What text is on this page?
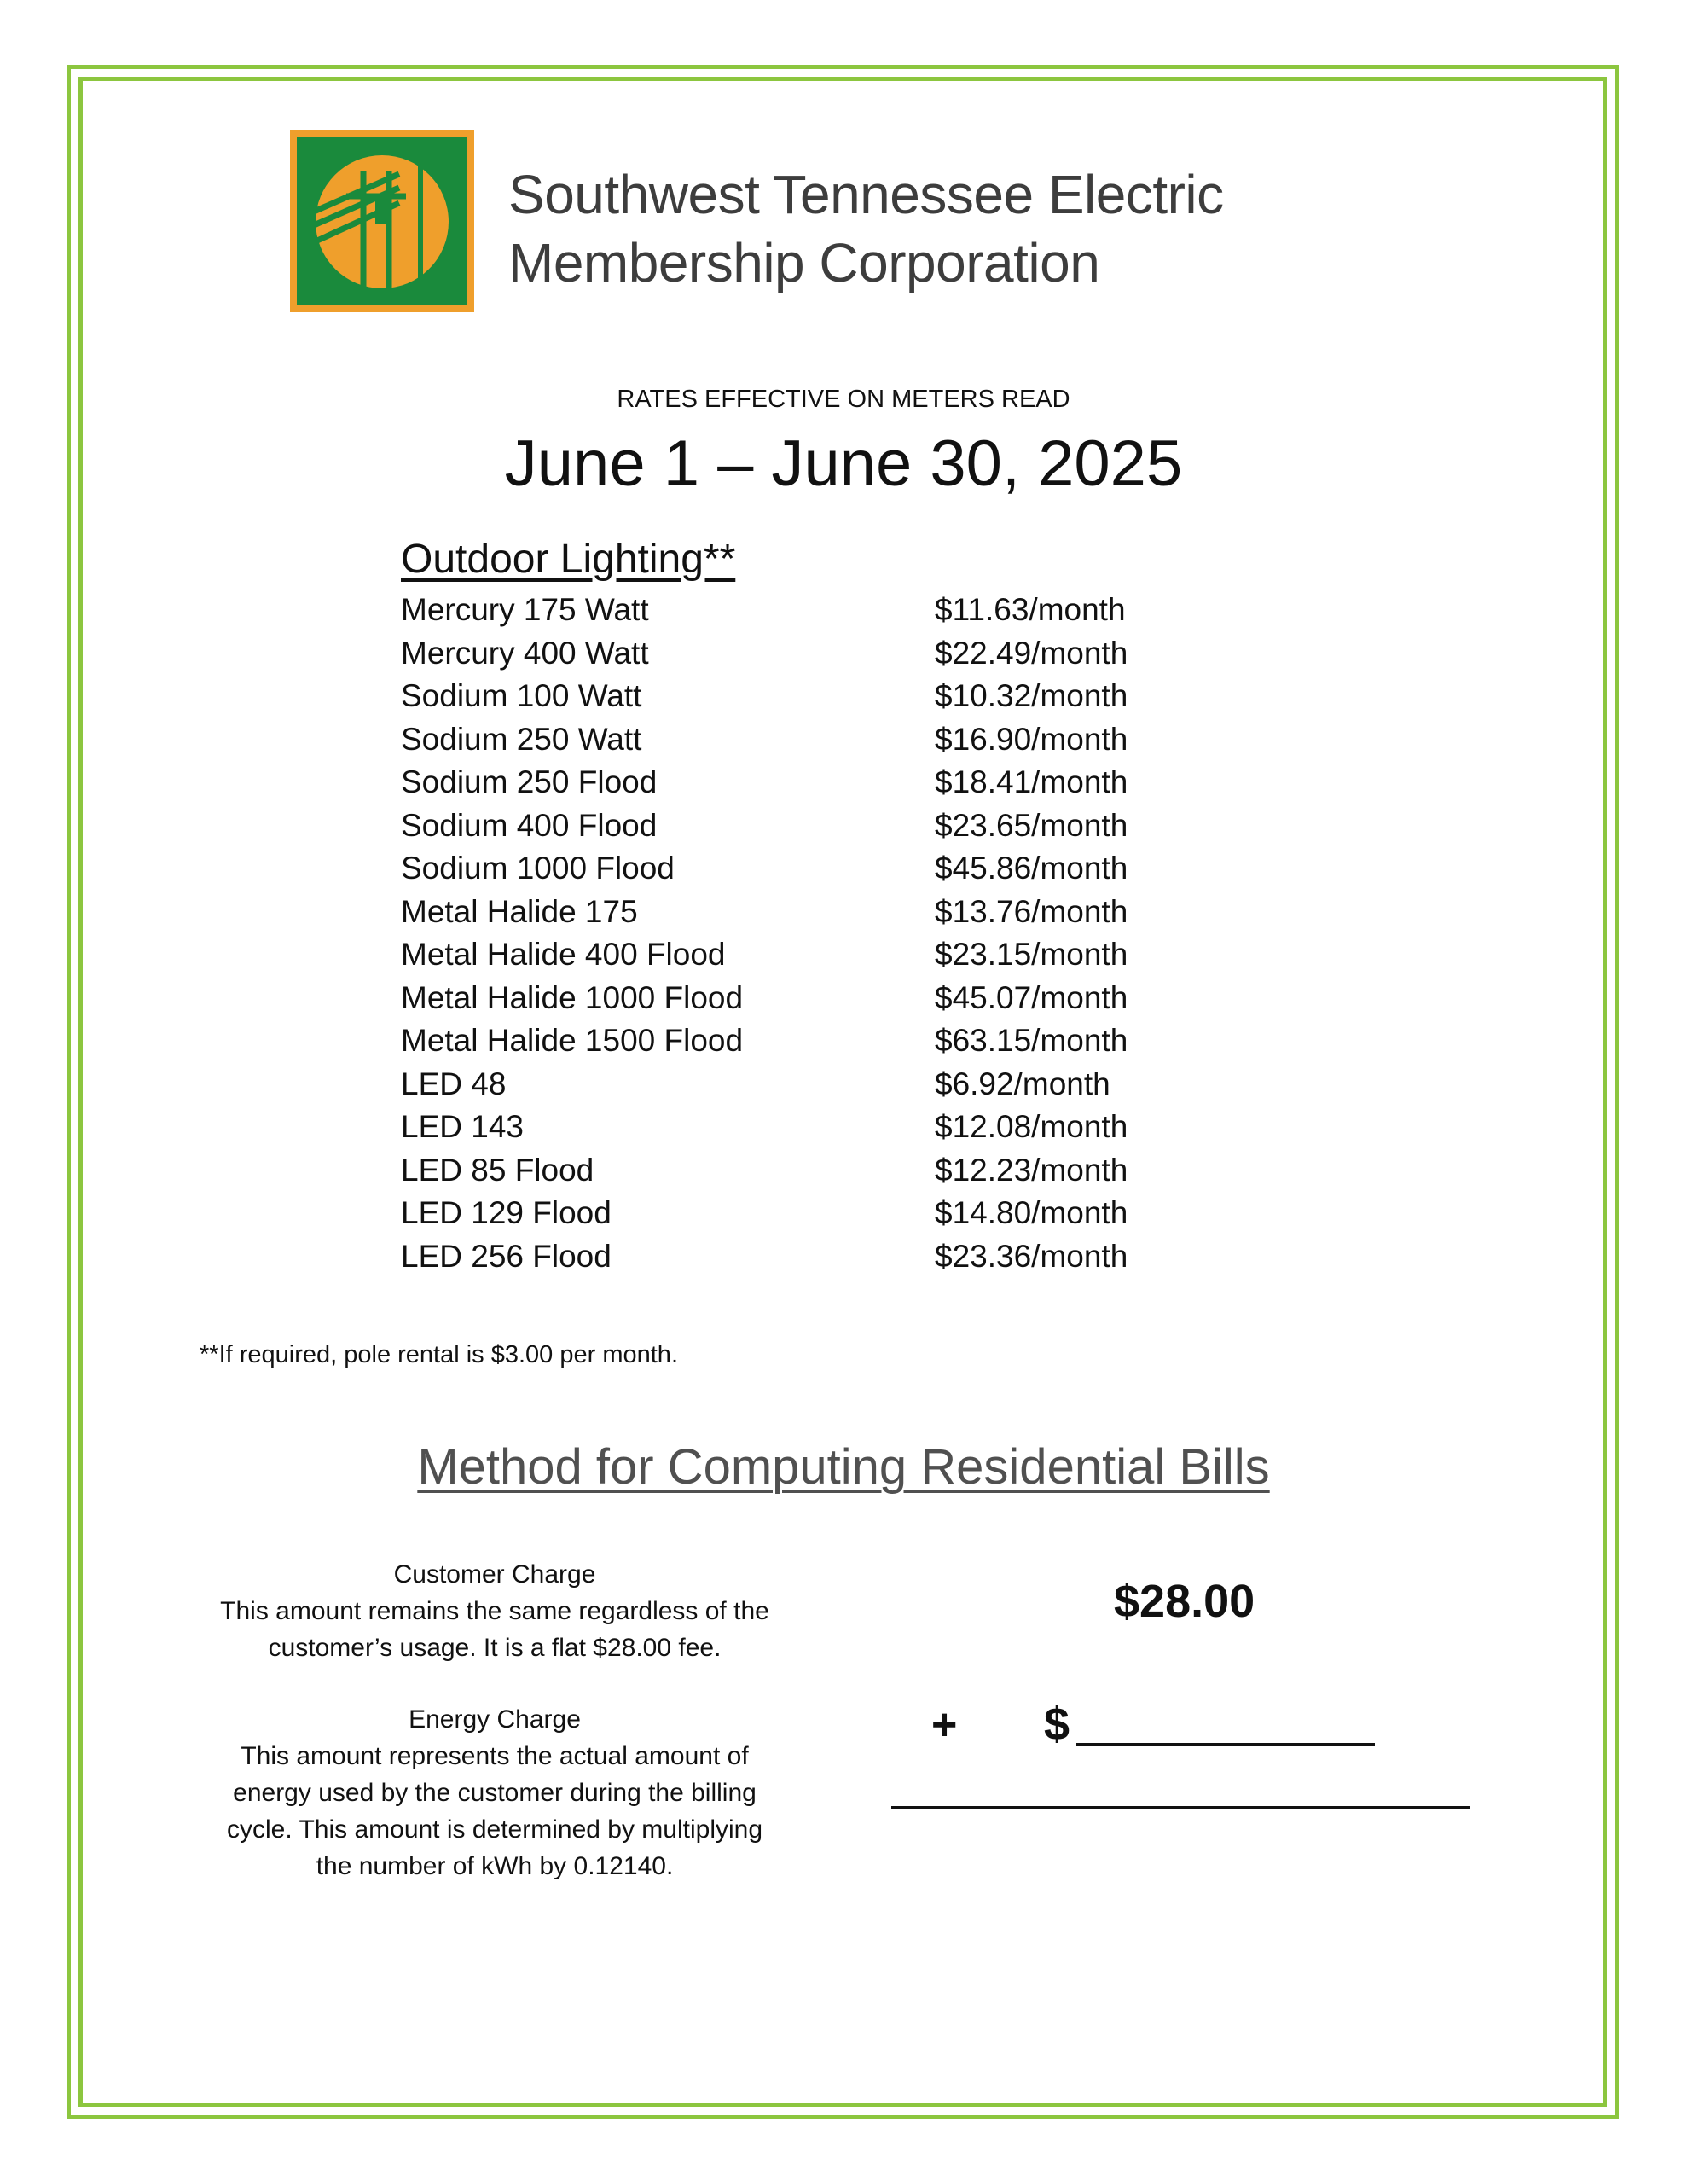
Southwest Tennessee Electric
Membership Corporation
RATES EFFECTIVE ON METERS READ
June 1 – June 30, 2025
Outdoor Lighting**
Mercury 175 Watt	$11.63/month
Mercury 400 Watt	$22.49/month
Sodium 100 Watt	$10.32/month
Sodium 250 Watt	$16.90/month
Sodium 250 Flood	$18.41/month
Sodium 400 Flood	$23.65/month
Sodium 1000 Flood	$45.86/month
Metal Halide 175	$13.76/month
Metal Halide 400 Flood	$23.15/month
Metal Halide 1000 Flood	$45.07/month
Metal Halide 1500 Flood	$63.15/month
LED 48	$6.92/month
LED 143	$12.08/month
LED 85 Flood	$12.23/month
LED 129 Flood	$14.80/month
LED 256 Flood	$23.36/month
**If required, pole rental is $3.00 per month.
Method for Computing Residential Bills
Customer Charge
This amount remains the same regardless of the
customer’s usage. It is a flat $28.00 fee.
$28.00
Energy Charge
This amount represents the actual amount of
energy used by the customer during the billing
cycle. This amount is determined by multiplying
the number of kWh by 0.12140.
+ $
